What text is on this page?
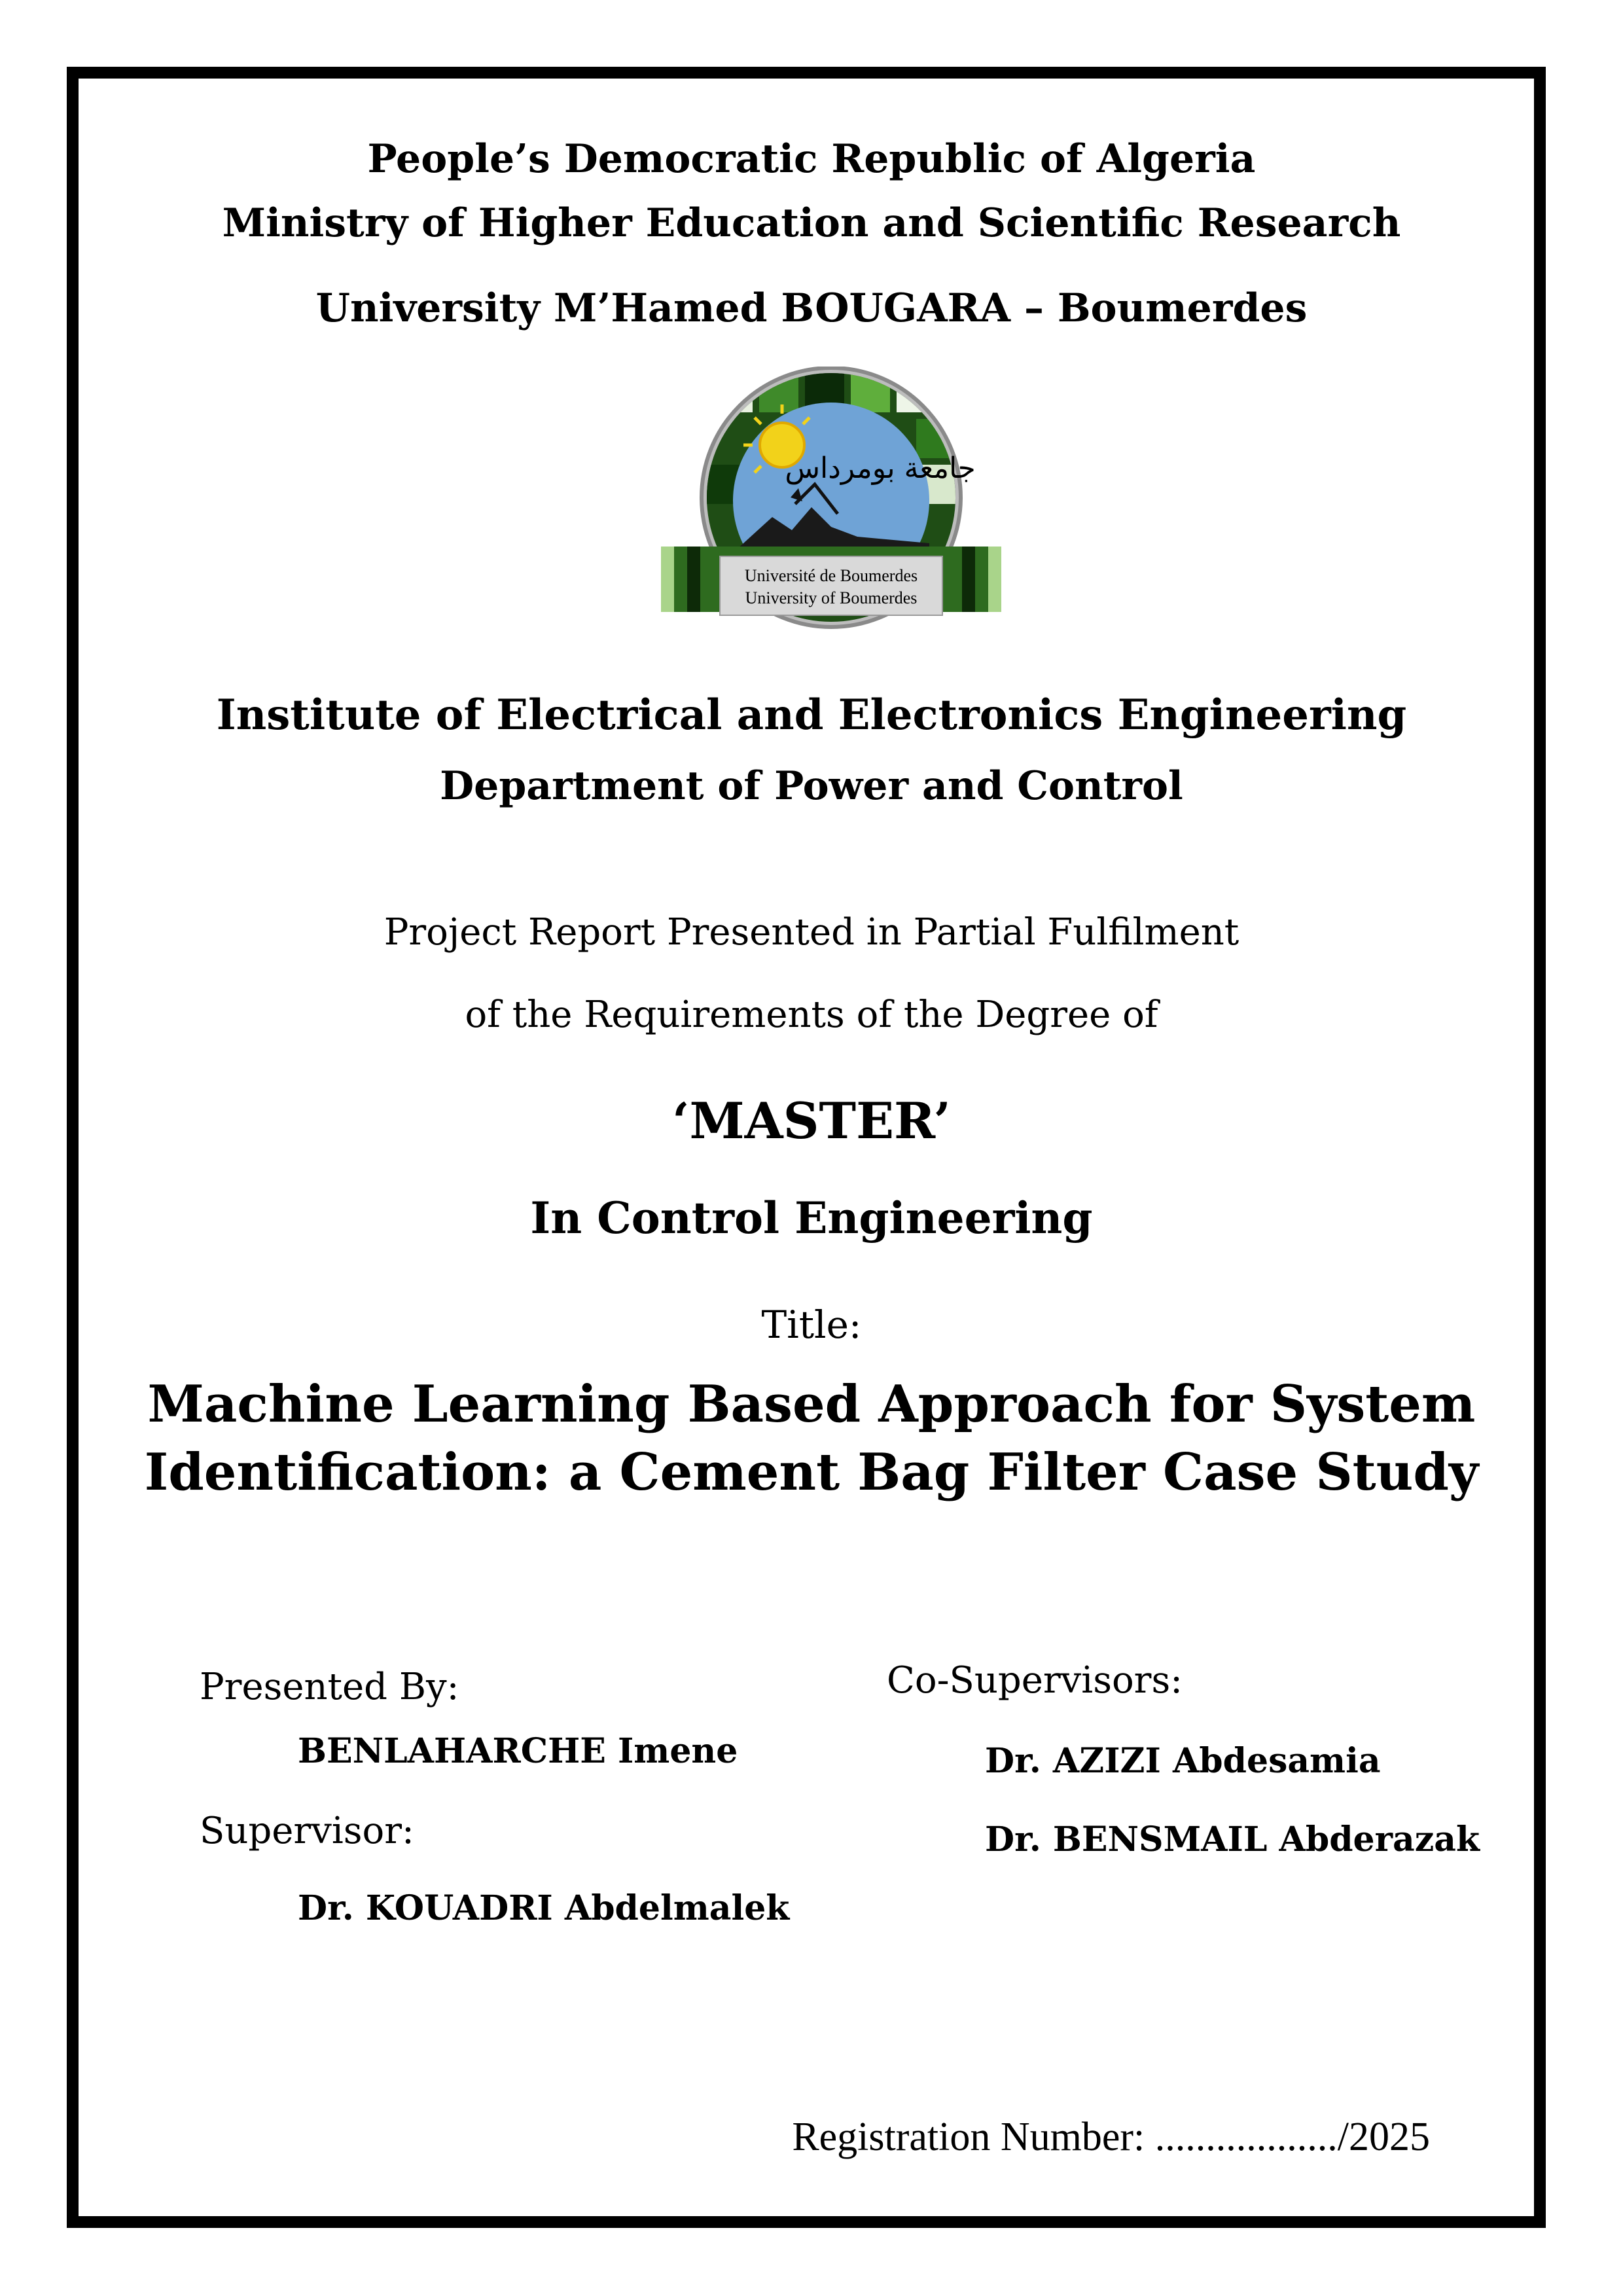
People’s Democratic Republic of Algeria
Ministry of Higher Education and Scientific Research
University M’Hamed BOUGARA – Boumerdes
جامعة بومرداس
Université de Boumerdes
University of Boumerdes
Institute of Electrical and Electronics Engineering
Department of Power and Control
Project Report Presented in Partial Fulfilment
of the Requirements of the Degree of
‘MASTER’
In Control Engineering
Title:
Machine Learning Based Approach for System
Identification: a Cement Bag Filter Case Study
Presented By:
BENLAHARCHE Imene
Supervisor:
Dr. KOUADRI Abdelmalek
Co-Supervisors:
Dr. AZIZI Abdesamia
Dr. BENSMAIL Abderazak
Registration Number: ................../2025
